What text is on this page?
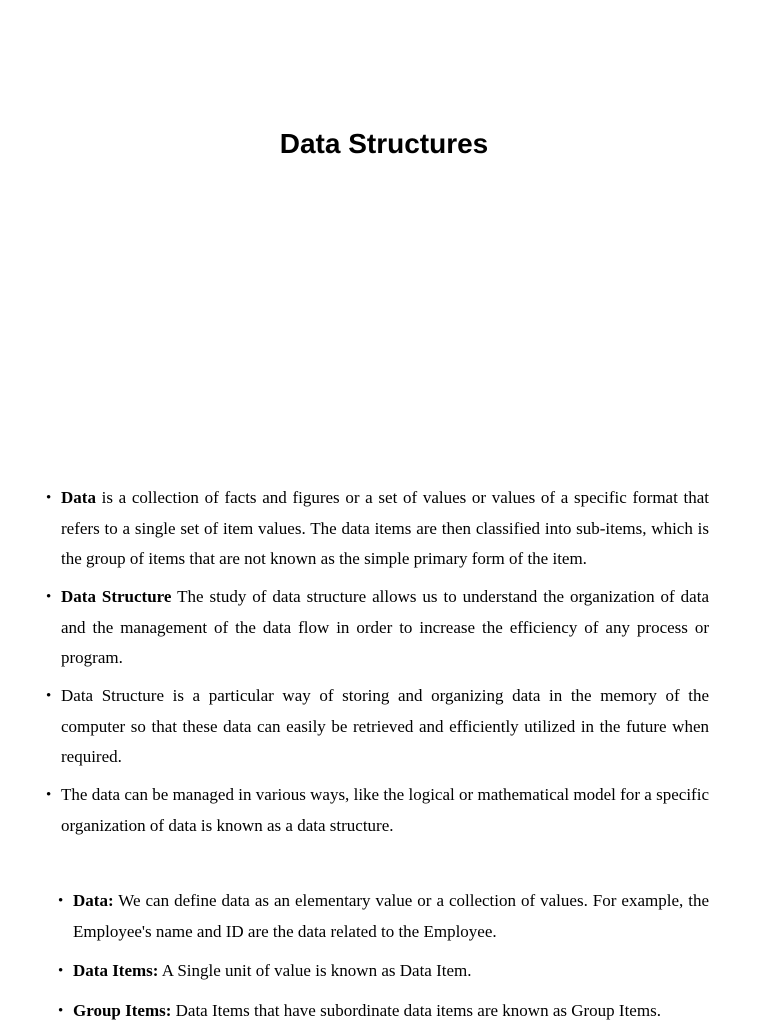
Data Structures
• Data is a collection of facts and figures or a set of values or values of a specific format that refers to a single set of item values. The data items are then classified into sub-items, which is the group of items that are not known as the simple primary form of the item.
• Data Structure The study of data structure allows us to understand the organization of data and the management of the data flow in order to increase the efficiency of any process or program.
• Data Structure is a particular way of storing and organizing data in the memory of the computer so that these data can easily be retrieved and efficiently utilized in the future when required.
• The data can be managed in various ways, like the logical or mathematical model for a specific organization of data is known as a data structure.
• Data: We can define data as an elementary value or a collection of values. For example, the Employee's name and ID are the data related to the Employee.
• Data Items: A Single unit of value is known as Data Item.
• Group Items: Data Items that have subordinate data items are known as Group Items.
